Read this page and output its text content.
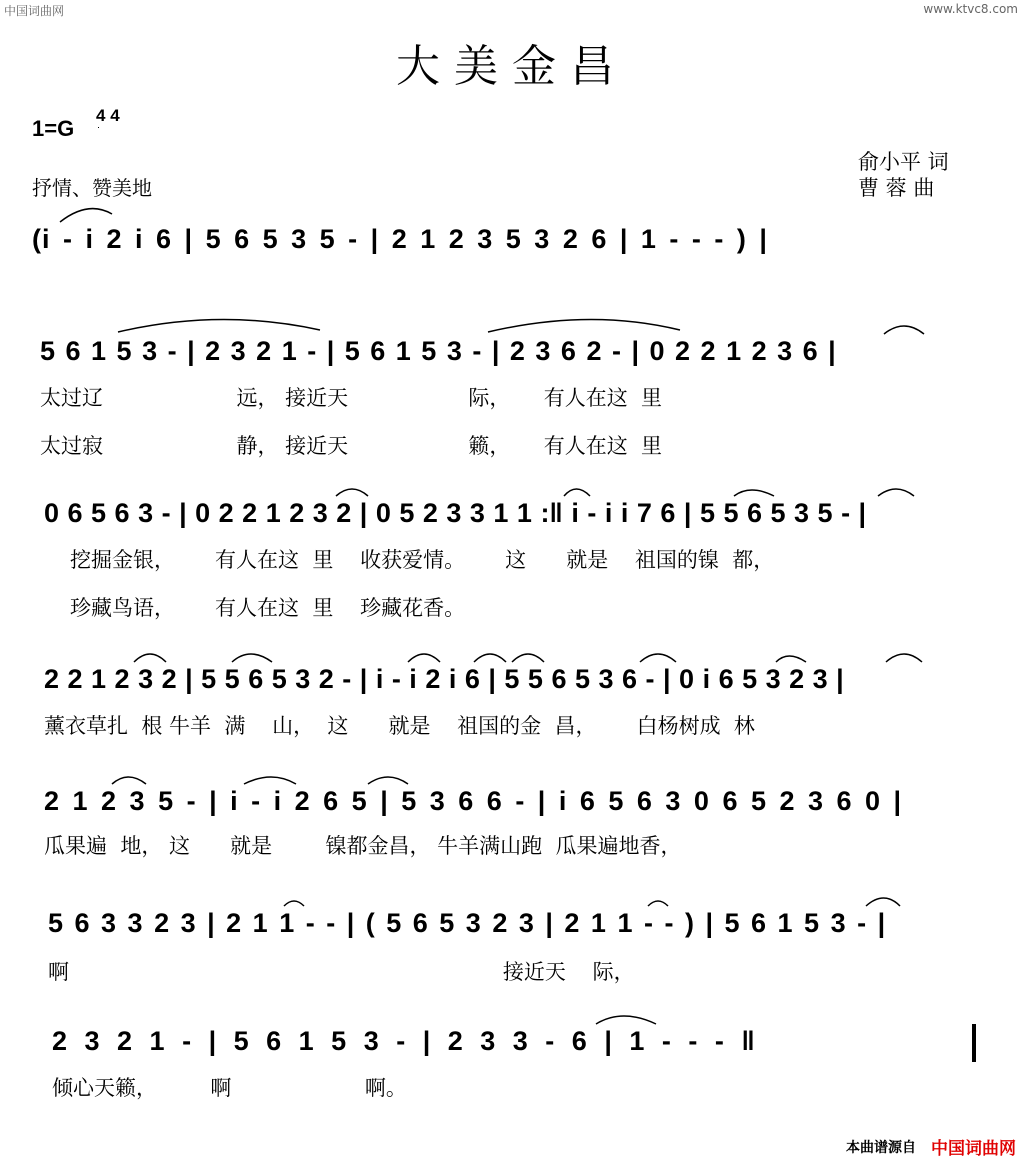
中国词曲网	www.ktvc8.com
大美金昌
1=G
4 4
抒情、赞美地
俞小平 词
曹 蓉 曲
(i - i 2 i 6 | 5 6 5 3 5 - | 2 1 2 3 5 3 2 6 | 1 - - - ) |
5 6 1 5 3 - | 2 3 2 1 - | 5 6 1 5 3 - | 2 3 6 2 - | 0 2 2 1 2 3 6 |
太过辽                    远， 接近天                  际，     有人在这  里
太过寂                    静， 接近天                  籁，     有人在这  里
0 6 5 6 3 - | 0 2 2 1 2 3 2 | 0 5 2 3 3 1 1 :‖ i - i i 7 6 | 5 5 6 5 3 5 - |
挖掘金银，      有人在这  里    收获爱情。      这      就是    祖国的镍  都，
珍藏鸟语，      有人在这  里    珍藏花香。
2 2 1 2 3 2 | 5 5 6 5 3 2 - | i - i 2 i 6 | 5 5 6 5 3 6 - | 0 i 6 5 3 2 3 |
薰衣草扎  根 牛羊  满    山，  这      就是    祖国的金  昌，      白杨树成  林
2 1 2 3 5 - | i - i 2 6 5 | 5 3 6 6 - | i 6 5 6 3 0 6 5 2 3 6 0 |
瓜果遍  地， 这      就是        镍都金昌， 牛羊满山跑  瓜果遍地香，
5 6 3 3 2 3 | 2 1 1 - - | ( 5 6 5 3 2 3 | 2 1 1 - - ) | 5 6 1 5 3 - |
啊                                                                 接近天    际，
2 3 2 1 - | 5 6 1 5 3 - | 2 3 3 - 6 | 1 - - - ‖
倾心天籁，        啊                    啊。
本曲谱源自 中国词曲网
